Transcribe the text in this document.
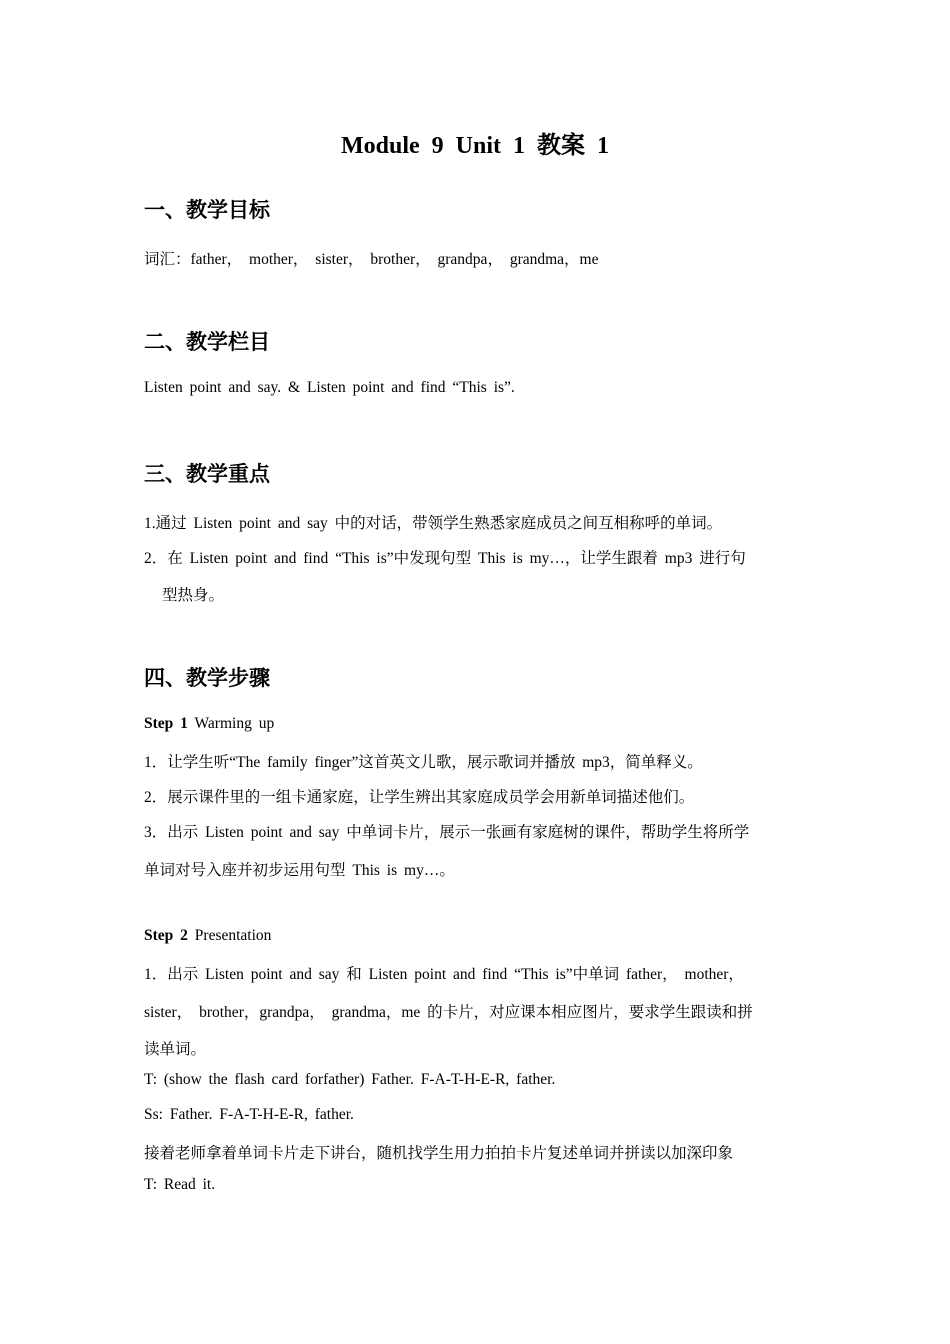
Module 9 Unit 1 教案 1
一、教学目标
词汇：father， mother， sister， brother， grandpa， grandma，me
二、教学栏目
Listen point and say. & Listen point and find “This is”.
三、教学重点
1.通过 Listen point and say 中的对话，带领学生熟悉家庭成员之间互相称呼的单词。
2．在 Listen point and find “This is”中发现句型 This is my…，让学生跟着 mp3 进行句
型热身。
四、教学步骤
Step 1 Warming up
1．让学生听“The family finger”这首英文儿歌，展示歌词并播放 mp3，简单释义。
2．展示课件里的一组卡通家庭，让学生辨出其家庭成员学会用新单词描述他们。
3．出示 Listen point and say 中单词卡片，展示一张画有家庭树的课件，帮助学生将所学
单词对号入座并初步运用句型 This is my…。
Step 2 Presentation
1．出示 Listen point and say 和 Listen point and find “This is”中单词 father， mother，
sister， brother，grandpa， grandma，me 的卡片，对应课本相应图片，要求学生跟读和拼
读单词。
T: (show the flash card forfather) Father. F-A-T-H-E-R, father.
Ss: Father. F-A-T-H-E-R, father.
接着老师拿着单词卡片走下讲台，随机找学生用力拍拍卡片复述单词并拼读以加深印象
T: Read it.
